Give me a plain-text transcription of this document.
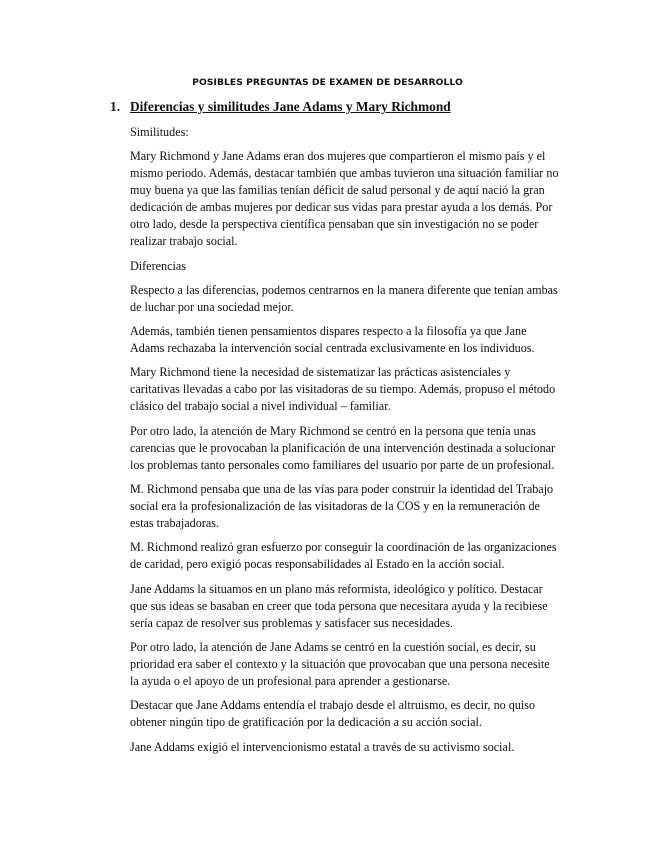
POSIBLES PREGUNTAS DE EXAMEN DE DESARROLLO
1. Diferencias y similitudes Jane Adams y Mary Richmond

Similitudes:

Mary Richmond y Jane Adams eran dos mujeres que compartieron el mismo país y el mismo periodo. Además, destacar también que ambas tuvieron una situación familiar no muy buena ya que las familias tenían déficit de salud personal y de aquí nació la gran dedicación de ambas mujeres por dedicar sus vidas para prestar ayuda a los demás. Por otro lado, desde la perspectiva científica pensaban que sin investigación no se poder realizar trabajo social.

Diferencias

Respecto a las diferencias, podemos centrarnos en la manera diferente que tenían ambas de luchar por una sociedad mejor.

Además, también tienen pensamientos dispares respecto a la filosofía ya que Jane Adams rechazaba la intervención social centrada exclusivamente en los individuos.

Mary Richmond tiene la necesidad de sistematizar las prácticas asistenciales y caritativas llevadas a cabo por las visitadoras de su tiempo. Además, propuso el método clásico del trabajo social a nivel individual – familiar.

Por otro lado, la atención de Mary Richmond se centró en la persona que tenía unas carencias que le provocaban la planificación de una intervención destinada a solucionar los problemas tanto personales como familiares del usuario por parte de un profesional.

M. Richmond pensaba que una de las vías para poder construir la identidad del Trabajo social era la profesionalización de las visitadoras de la COS y en la remuneración de estas trabajadoras.

M. Richmond realizó gran esfuerzo por conseguir la coordinación de las organizaciones de caridad, pero exigió pocas responsabilidades al Estado en la acción social.

Jane Addams la situamos en un plano más reformista, ideológico y político. Destacar que sus ideas se basaban en creer que toda persona que necesitara ayuda y la recibiese sería capaz de resolver sus problemas y satisfacer sus necesidades.

Por otro lado, la atención de Jane Adams se centró en la cuestión social, es decir, su prioridad era saber el contexto y la situación que provocaban que una persona necesite la ayuda o el apoyo de un profesional para aprender a gestionarse.

Destacar que Jane Addams entendía el trabajo desde el altruismo, es decir, no quiso obtener ningún tipo de gratificación por la dedicación a su acción social.

Jane Addams exigió el intervencionismo estatal a través de su activismo social.
